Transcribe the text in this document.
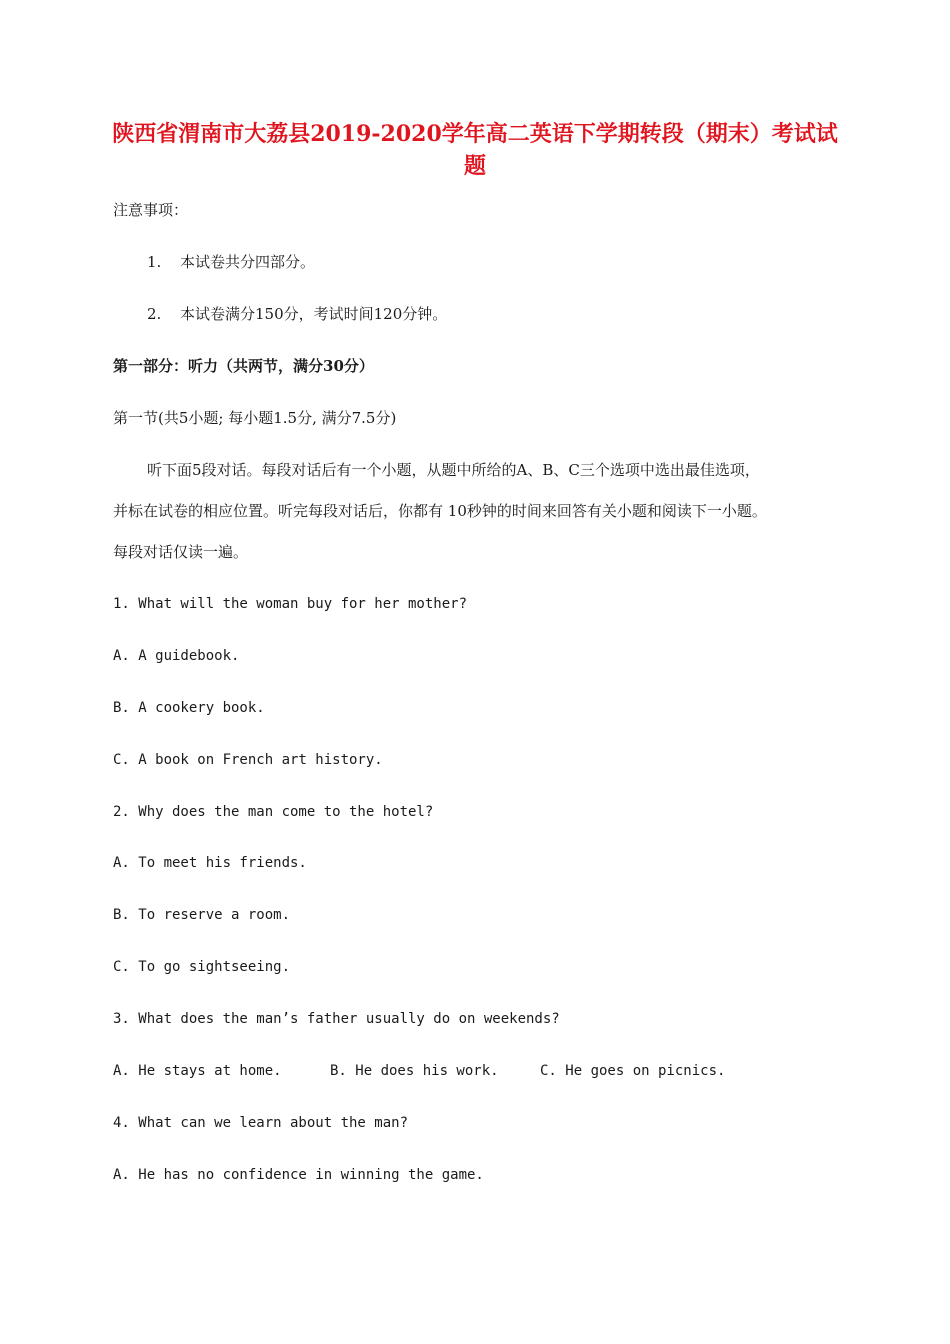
陕西省渭南市大荔县2019-2020学年高二英语下学期转段（期末）考试试
题
注意事项：
1. 本试卷共分四部分。
2. 本试卷满分150分，考试时间120分钟。
第一部分：听力（共两节，满分30分）
第一节(共5小题; 每小题1.5分, 满分7.5分)
听下面5段对话。每段对话后有一个小题，从题中所给的A、B、C三个选项中选出最佳选项，
并标在试卷的相应位置。听完每段对话后，你都有 10秒钟的时间来回答有关小题和阅读下一小题。
每段对话仅读一遍。
1. What will the woman buy for her mother?
A. A guidebook.
B. A cookery book.
C. A book on French art history.
2. Why does the man come to the hotel?
A. To meet his friends.
B. To reserve a room.
C. To go sightseeing.
3. What does the man’s father usually do on weekends?
A. He stays at home.	B. He does his work.	C. He goes on picnics.
4. What can we learn about the man?
A. He has no confidence in winning the game.
